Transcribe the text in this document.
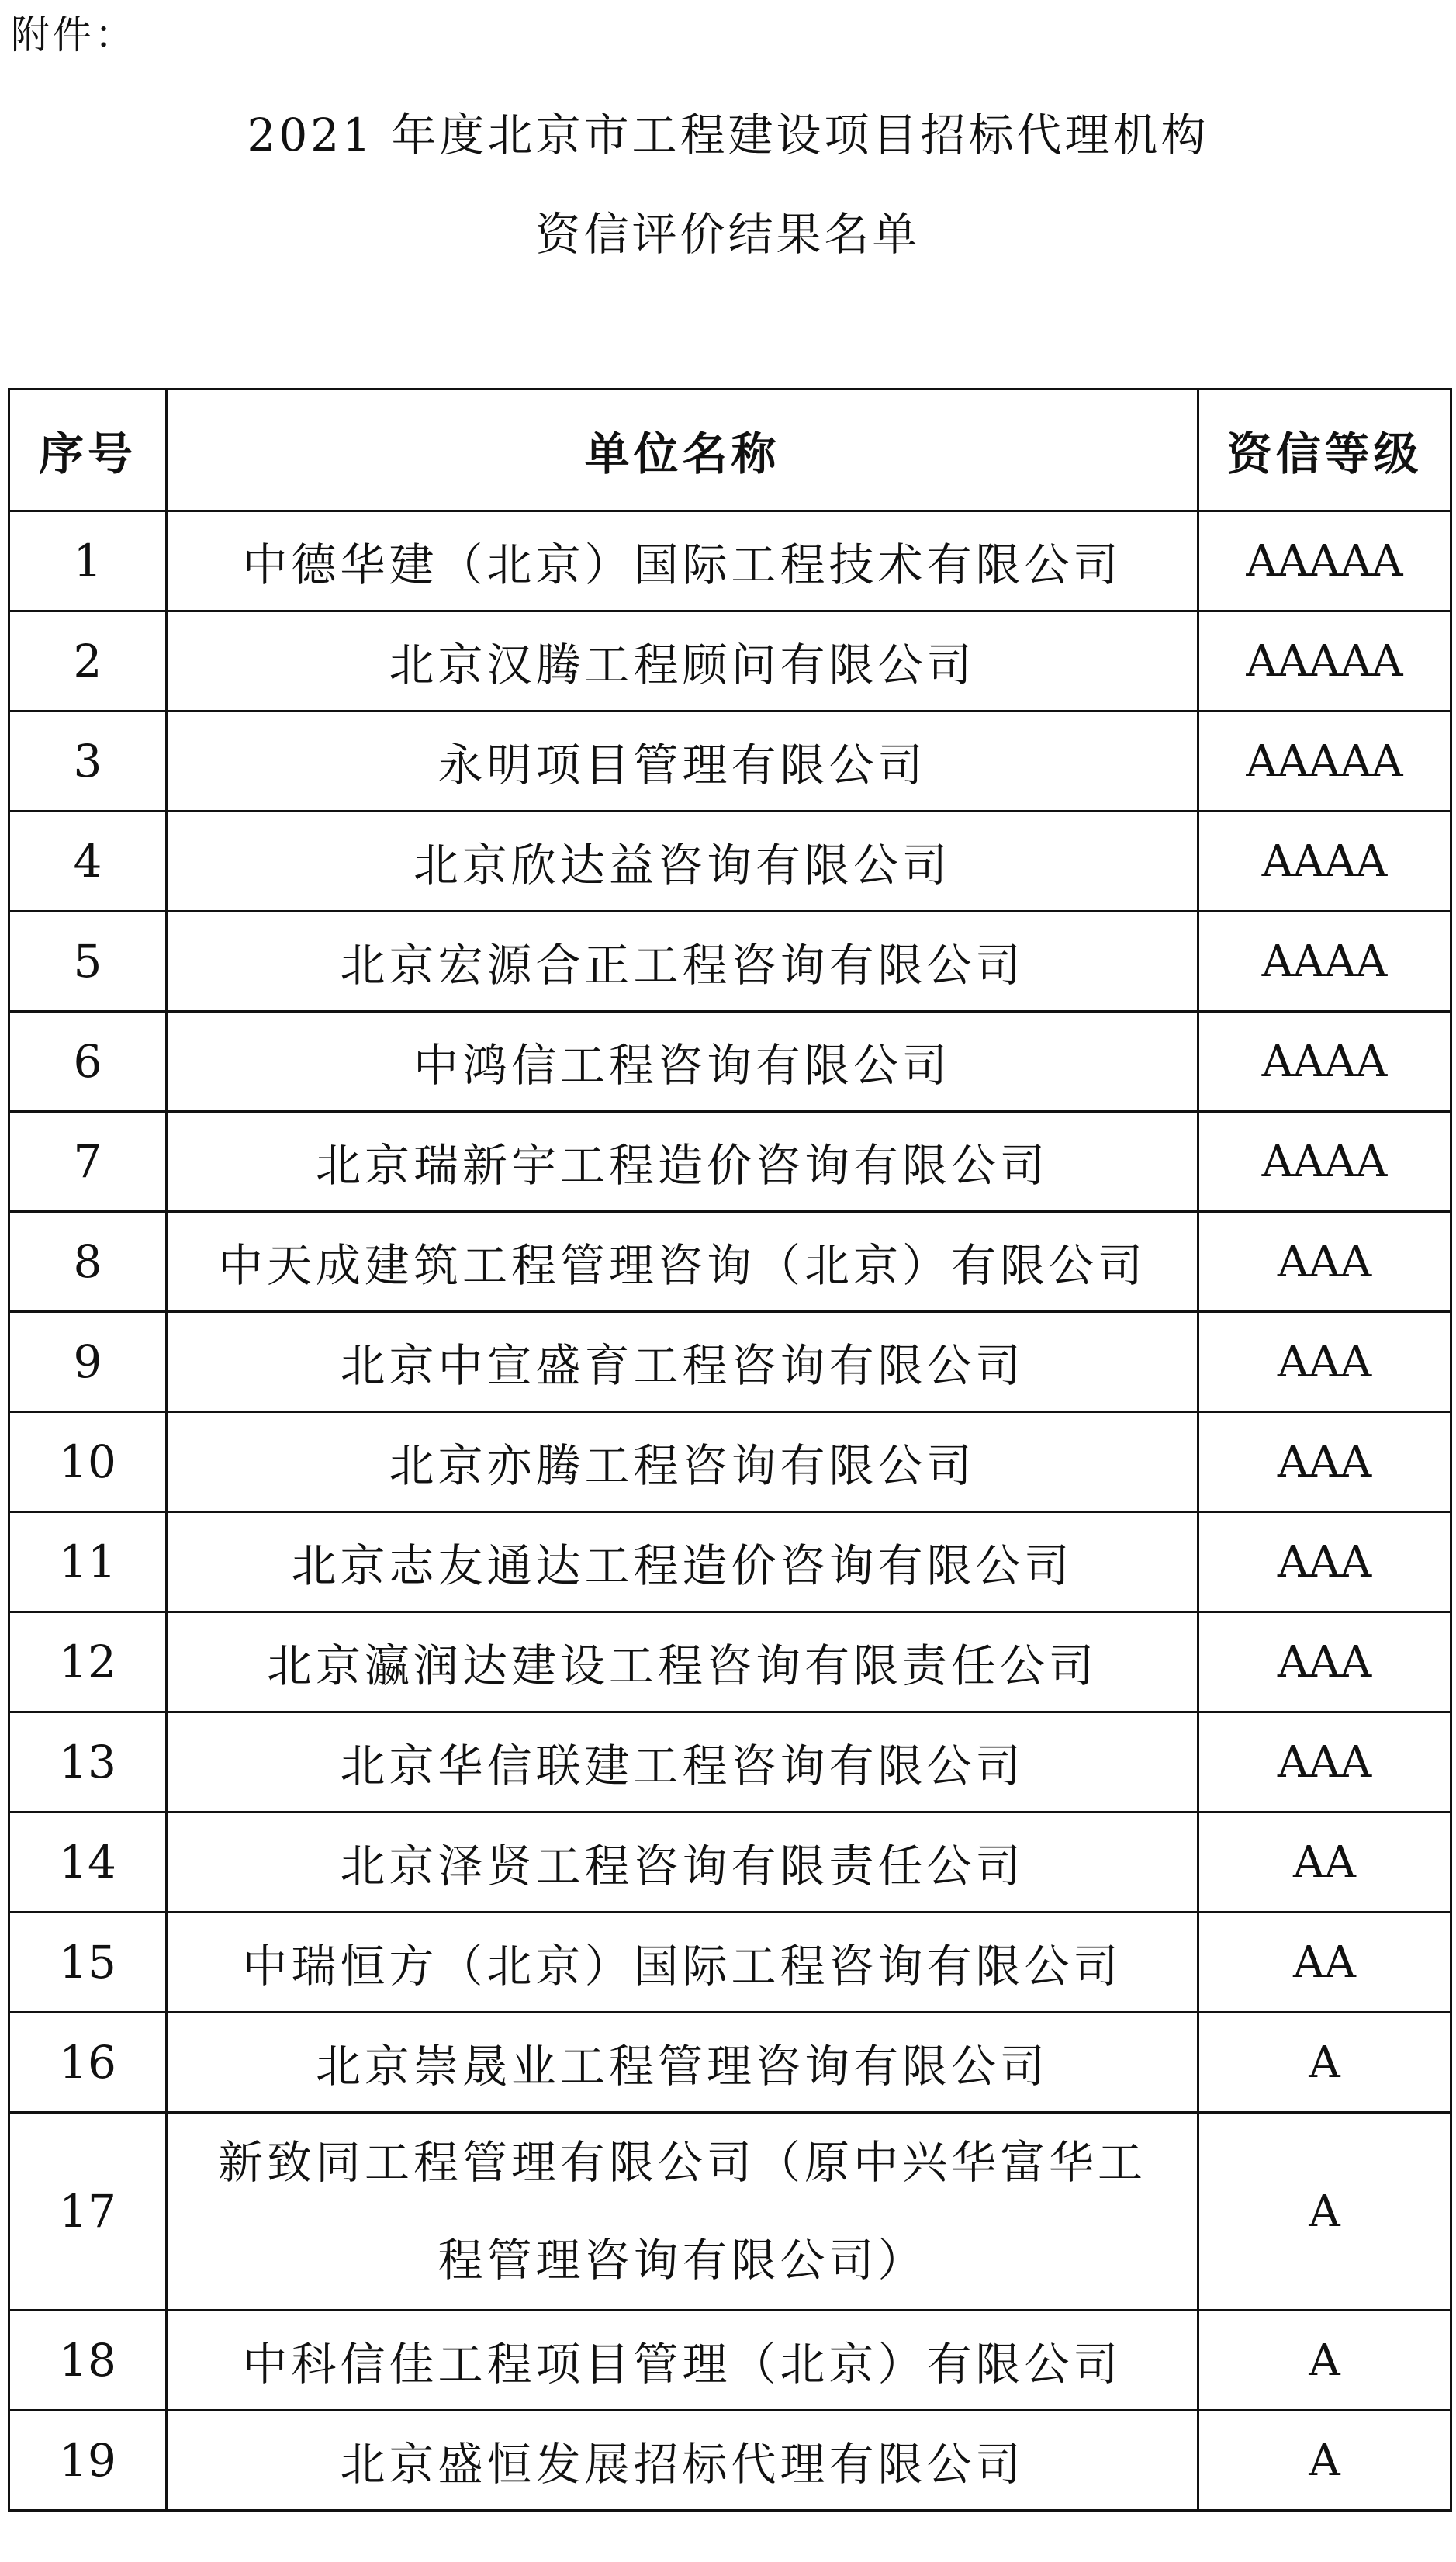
附件：
2021 年度北京市工程建设项目招标代理机构
资信评价结果名单
序号	单位名称	资信等级
1	中德华建（北京）国际工程技术有限公司	AAAAA
2	北京汉腾工程顾问有限公司	AAAAA
3	永明项目管理有限公司	AAAAA
4	北京欣达益咨询有限公司	AAAA
5	北京宏源合正工程咨询有限公司	AAAA
6	中鸿信工程咨询有限公司	AAAA
7	北京瑞新宇工程造价咨询有限公司	AAAA
8	中天成建筑工程管理咨询（北京）有限公司	AAA
9	北京中宣盛育工程咨询有限公司	AAA
10	北京亦腾工程咨询有限公司	AAA
11	北京志友通达工程造价咨询有限公司	AAA
12	北京瀛润达建设工程咨询有限责任公司	AAA
13	北京华信联建工程咨询有限公司	AAA
14	北京泽贤工程咨询有限责任公司	AA
15	中瑞恒方（北京）国际工程咨询有限公司	AA
16	北京崇晟业工程管理咨询有限公司	A
17	新致同工程管理有限公司（原中兴华富华工
程管理咨询有限公司）	A
18	中科信佳工程项目管理（北京）有限公司	A
19	北京盛恒发展招标代理有限公司	A
